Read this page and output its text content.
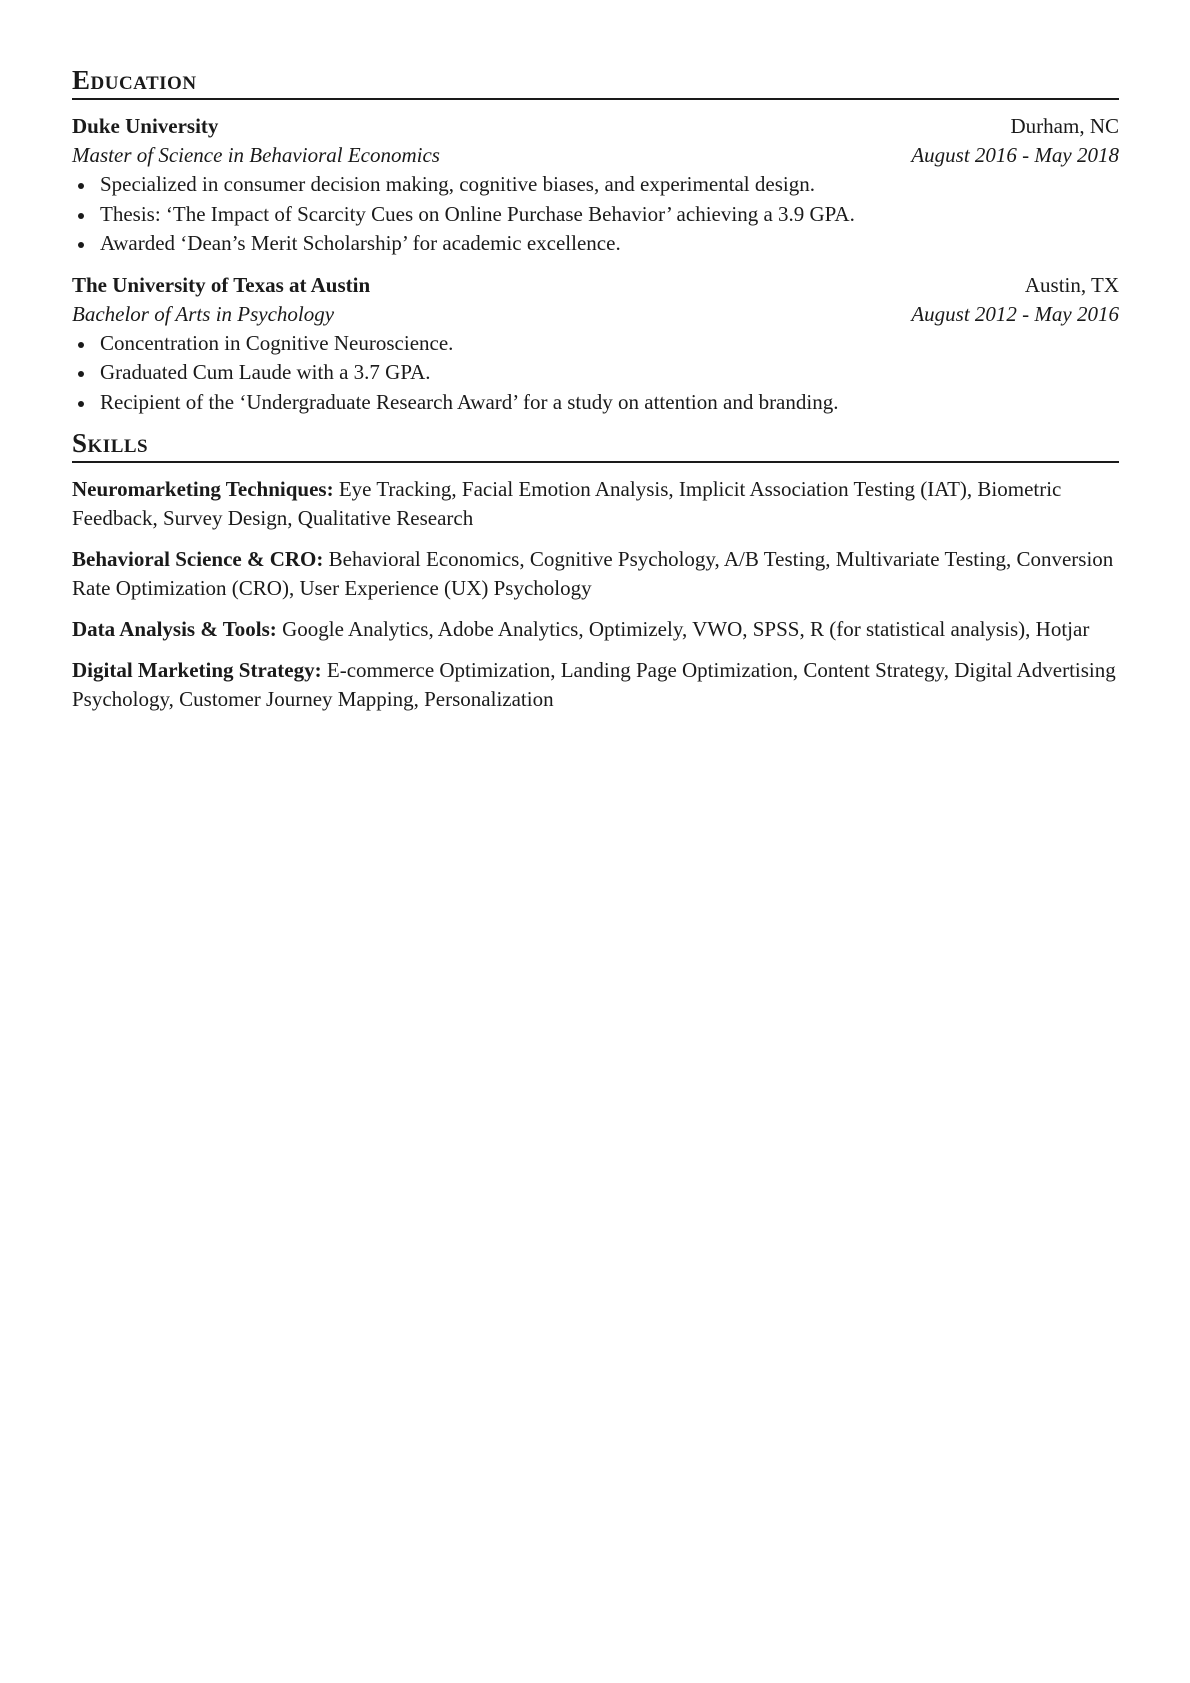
Education
Duke University	Durham, NC
Master of Science in Behavioral Economics	August 2016 - May 2018
Specialized in consumer decision making, cognitive biases, and experimental design.
Thesis: ‘The Impact of Scarcity Cues on Online Purchase Behavior’ achieving a 3.9 GPA.
Awarded ‘Dean’s Merit Scholarship’ for academic excellence.
The University of Texas at Austin	Austin, TX
Bachelor of Arts in Psychology	August 2012 - May 2016
Concentration in Cognitive Neuroscience.
Graduated Cum Laude with a 3.7 GPA.
Recipient of the ‘Undergraduate Research Award’ for a study on attention and branding.
Skills
Neuromarketing Techniques: Eye Tracking, Facial Emotion Analysis, Implicit Association Testing (IAT), Biometric Feedback, Survey Design, Qualitative Research
Behavioral Science & CRO: Behavioral Economics, Cognitive Psychology, A/B Testing, Multivariate Testing, Conversion Rate Optimization (CRO), User Experience (UX) Psychology
Data Analysis & Tools: Google Analytics, Adobe Analytics, Optimizely, VWO, SPSS, R (for statistical analysis), Hotjar
Digital Marketing Strategy: E-commerce Optimization, Landing Page Optimization, Content Strategy, Digital Advertising Psychology, Customer Journey Mapping, Personalization
